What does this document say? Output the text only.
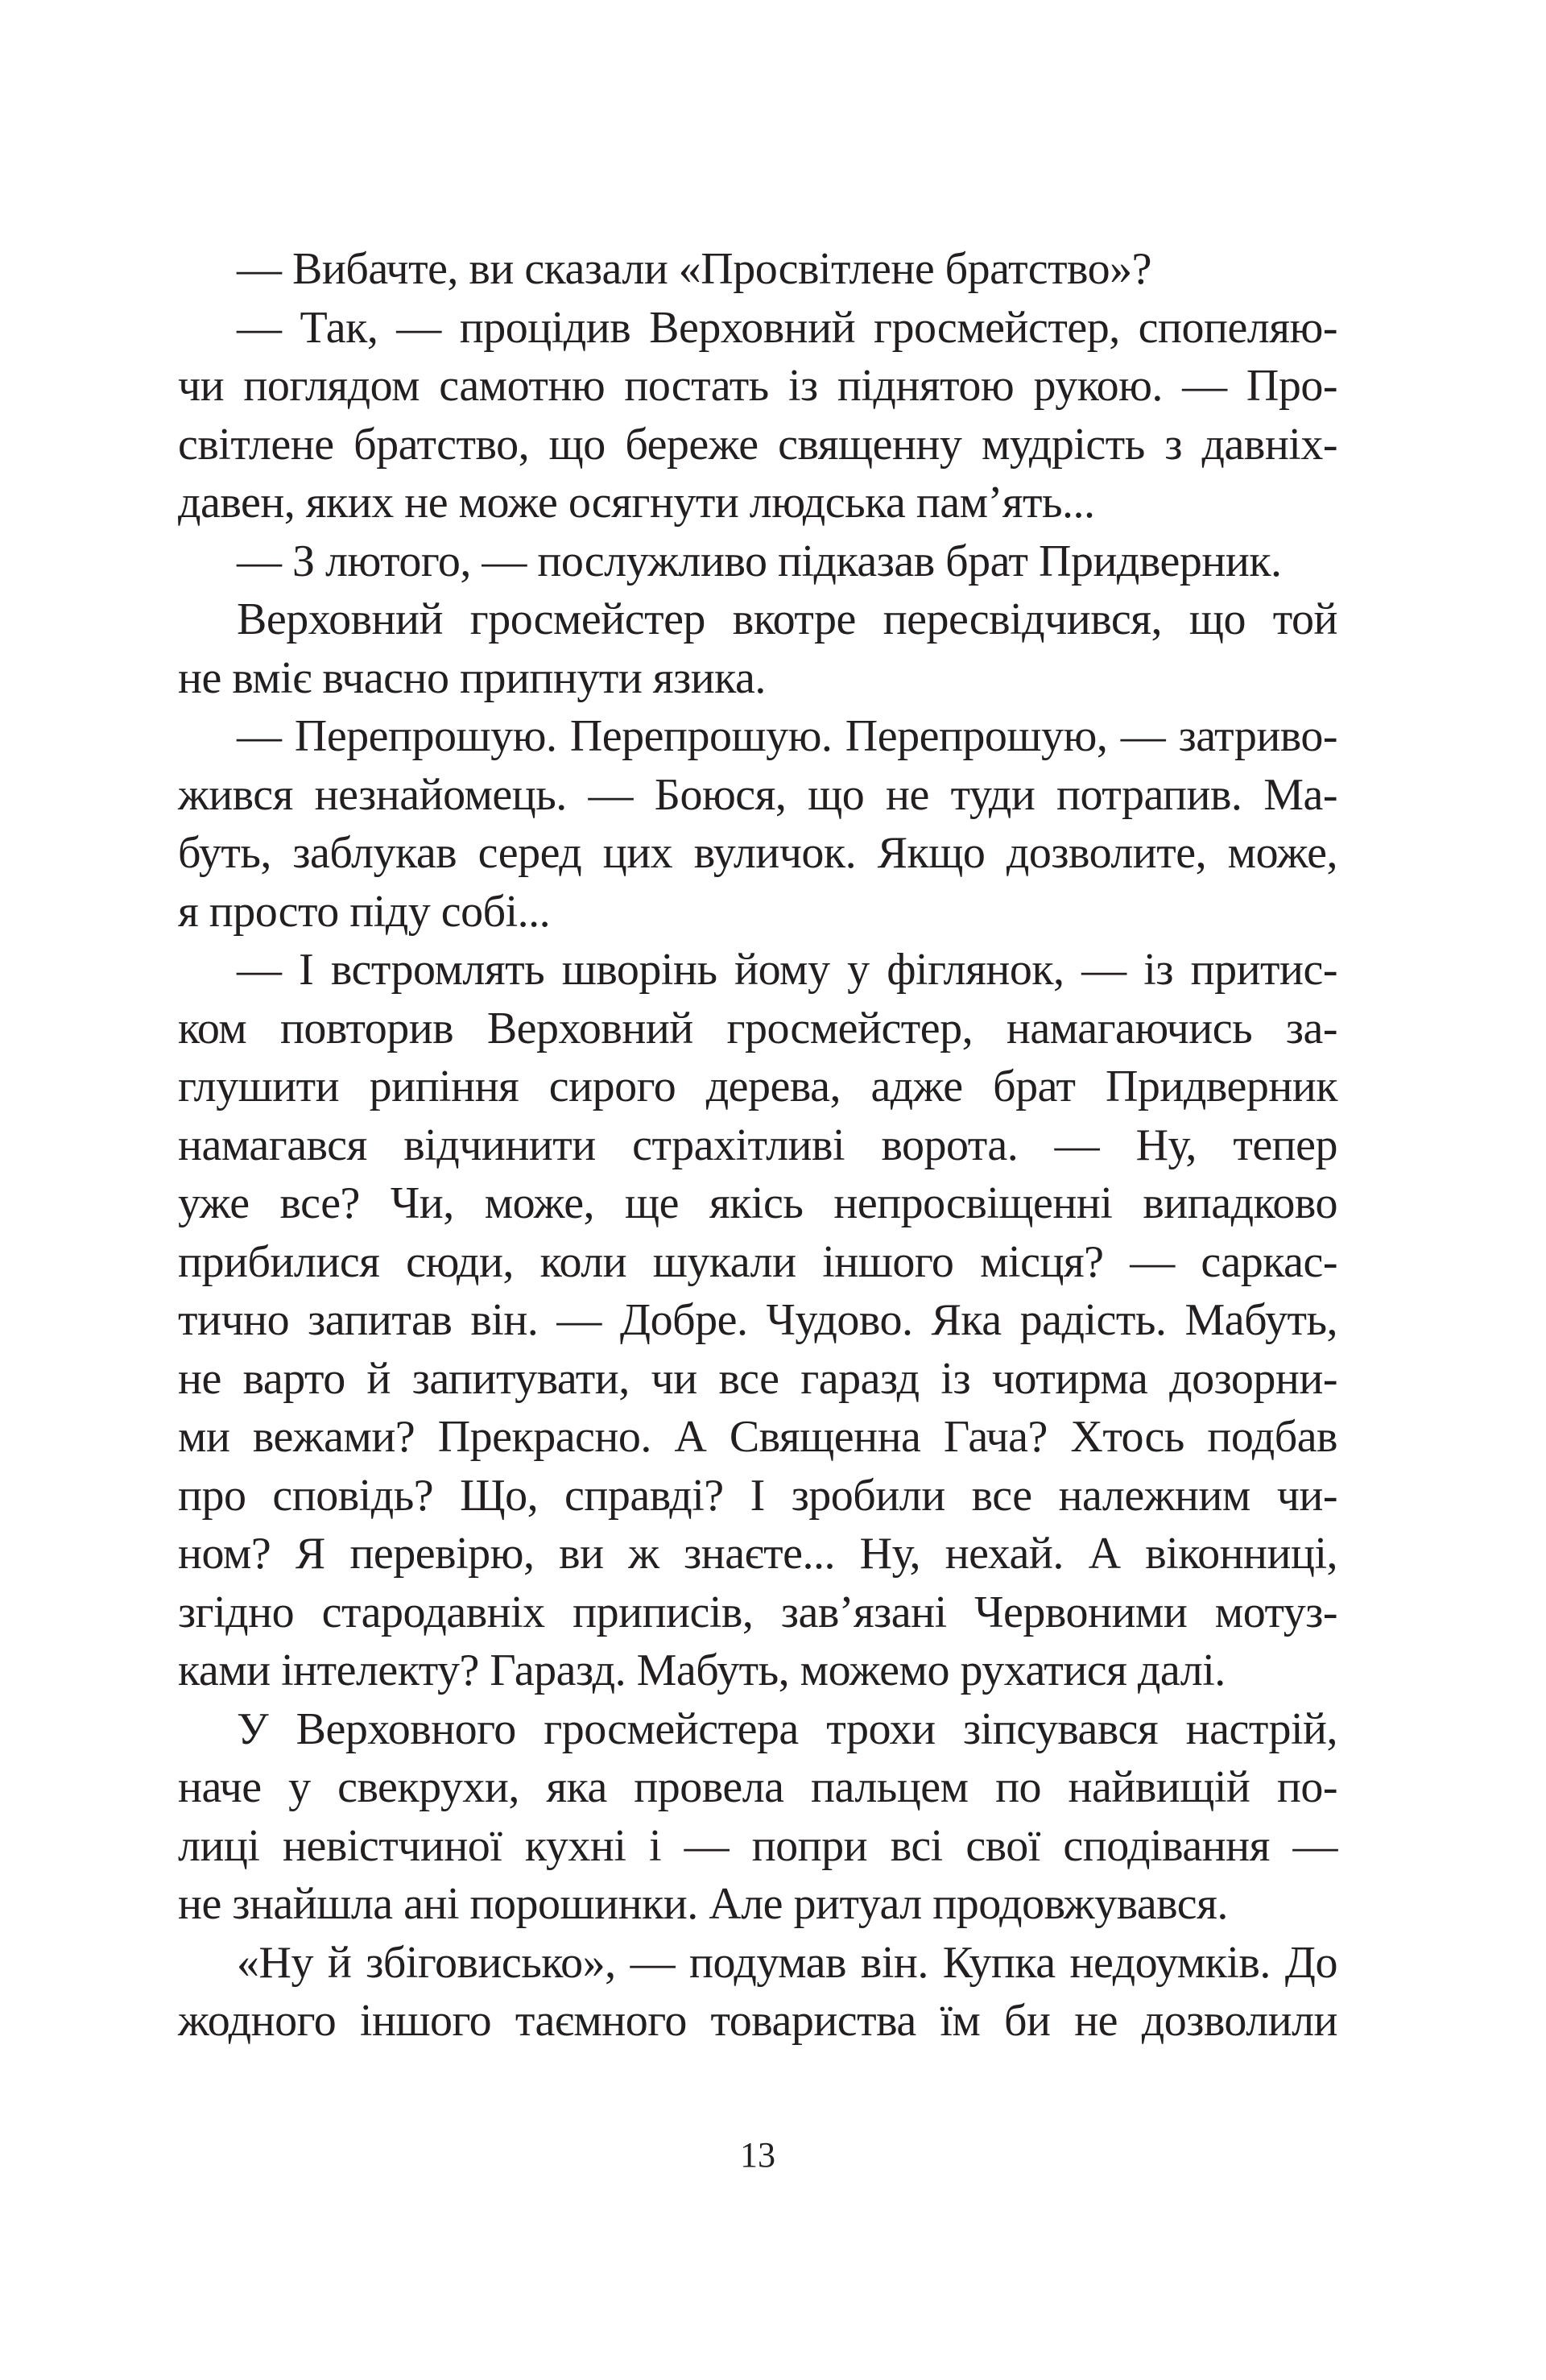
— Вибачте, ви сказали «Просвітлене братство»?
— Так, — процідив Верховний гросмейстер, спопеляю-
чи поглядом самотню постать із піднятою рукою. — Про-
світлене братство, що береже священну мудрість з давніх-
давен, яких не може осягнути людська пам’ять...
— З лютого, — послужливо підказав брат Придверник.
Верховний гросмейстер вкотре пересвідчився, що той
не вміє вчасно припнути язика.
— Перепрошую. Перепрошую. Перепрошую, — затриво-
жився незнайомець. — Боюся, що не туди потрапив. Ма-
буть, заблукав серед цих вуличок. Якщо дозволите, може,
я просто піду собі...
— І встромлять шворінь йому у фіглянок, — із притис-
ком повторив Верховний гросмейстер, намагаючись за-
глушити рипіння сирого дерева, адже брат Придверник
намагався відчинити страхітливі ворота. — Ну, тепер
уже все? Чи, може, ще якісь непросвіщенні випадково
прибилися сюди, коли шукали іншого місця? — саркас-
тично запитав він. — Добре. Чудово. Яка радість. Мабуть,
не варто й запитувати, чи все гаразд із чотирма дозорни-
ми вежами? Прекрасно. А Священна Гача? Хтось подбав
про сповідь? Що, справді? І зробили все належним чи-
ном? Я перевірю, ви ж знаєте... Ну, нехай. А віконниці,
згідно стародавніх приписів, зав’язані Червоними мотуз-
ками інтелекту? Гаразд. Мабуть, можемо рухатися далі.
У Верховного гросмейстера трохи зіпсувався настрій,
наче у свекрухи, яка провела пальцем по найвищій по-
лиці невістчиної кухні і — попри всі свої сподівання —
не знайшла ані порошинки. Але ритуал продовжувався.
«Ну й збіговисько», — подумав він. Купка недоумків. До
жодного іншого таємного товариства їм би не дозволили
13
